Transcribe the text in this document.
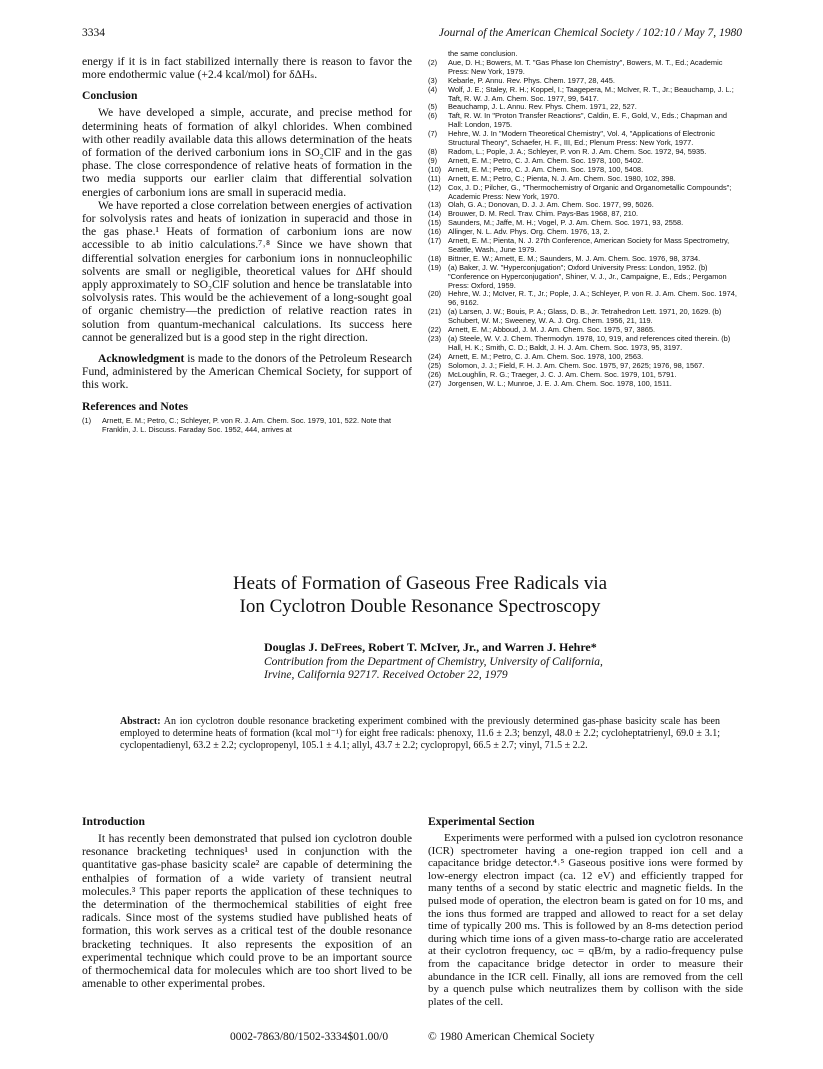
3334	Journal of the American Chemical Society / 102:10 / May 7, 1980

energy if it is in fact stabilized internally there is reason to favor the more endothermic value (+2.4 kcal/mol) for δΔHₛ.

Conclusion

We have developed a simple, accurate, and precise method for determining heats of formation of alkyl chlorides. When combined with other readily available data this allows determination of the heats of formation of the derived carbonium ions in SO₂ClF and in the gas phase. The close correspondence of relative heats of formation in the two media supports our earlier claim that differential solvation energies of carbonium ions are small in superacid media.

We have reported a close correlation between energies of activation for solvolysis rates and heats of ionization in superacid and those in the gas phase.¹ Heats of formation of carbonium ions are now accessible to ab initio calculations.⁷˒⁸ Since we have shown that differential solvation energies for carbonium ions in nonnucleophilic solvents are small or negligible, theoretical values for ΔHf should apply approximately to SO₂ClF solution and hence be translatable into solvolysis rates. This would be the achievement of a long-sought goal of organic chemistry—the prediction of relative reaction rates in solution from quantum-mechanical calculations. Its success here cannot be generalized but is a good step in the right direction.

Acknowledgment is made to the donors of the Petroleum Research Fund, administered by the American Chemical Society, for support of this work.

References and Notes
(1) Arnett, E. M.; Petro, C.; Schleyer, P. von R. J. Am. Chem. Soc. 1979, 101, 522. Note that Franklin, J. L. Discuss. Faraday Soc. 1952, 444, arrives at
the same conclusion.
(2) Aue, D. H.; Bowers, M. T. "Gas Phase Ion Chemistry", Bowers, M. T., Ed.; Academic Press: New York, 1979.
(3) Kebarle, P. Annu. Rev. Phys. Chem. 1977, 28, 445.
(4) Wolf, J. E.; Staley, R. H.; Koppel, I.; Taagepera, M.; McIver, R. T., Jr.; Beauchamp, J. L.; Taft, R. W. J. Am. Chem. Soc. 1977, 99, 5417.
(5) Beauchamp, J. L. Annu. Rev. Phys. Chem. 1971, 22, 527.
(6) Taft, R. W. In "Proton Transfer Reactions", Caldin, E. F., Gold, V., Eds.; Chapman and Hall: London, 1975.
(7) Hehre, W. J. In "Modern Theoretical Chemistry", Vol. 4, "Applications of Electronic Structural Theory", Schaefer, H. F., III, Ed.; Plenum Press: New York, 1977.
(8) Radom, L.; Pople, J. A.; Schleyer, P. von R. J. Am. Chem. Soc. 1972, 94, 5935.
(9) Arnett, E. M.; Petro, C. J. Am. Chem. Soc. 1978, 100, 5402.
(10) Arnett, E. M.; Petro, C. J. Am. Chem. Soc. 1978, 100, 5408.
(11) Arnett, E. M.; Petro, C.; Pienta, N. J. Am. Chem. Soc. 1980, 102, 398.
(12) Cox, J. D.; Pilcher, G., "Thermochemistry of Organic and Organometallic Compounds"; Academic Press: New York, 1970.
(13) Olah, G. A.; Donovan, D. J. J. Am. Chem. Soc. 1977, 99, 5026.
(14) Brouwer, D. M. Recl. Trav. Chim. Pays-Bas 1968, 87, 210.
(15) Saunders, M.; Jaffe, M. H.; Vogel, P. J. Am. Chem. Soc. 1971, 93, 2558.
(16) Allinger, N. L. Adv. Phys. Org. Chem. 1976, 13, 2.
(17) Arnett, E. M.; Pienta, N. J. 27th Conference, American Society for Mass Spectrometry, Seattle, Wash., June 1979.
(18) Bittner, E. W.; Arnett, E. M.; Saunders, M. J. Am. Chem. Soc. 1976, 98, 3734.
(19) (a) Baker, J. W. "Hyperconjugation"; Oxford University Press: London, 1952. (b) "Conference on Hyperconjugation", Shiner, V. J., Jr., Campaigne, E., Eds.; Pergamon Press: Oxford, 1959.
(20) Hehre, W. J.; McIver, R. T., Jr.; Pople, J. A.; Schleyer, P. von R. J. Am. Chem. Soc. 1974, 96, 9162.
(21) (a) Larsen, J. W.; Bouis, P. A.; Glass, D. B., Jr. Tetrahedron Lett. 1971, 20, 1629. (b) Schubert, W. M.; Sweeney, W. A. J. Org. Chem. 1956, 21, 119.
(22) Arnett, E. M.; Abboud, J. M. J. Am. Chem. Soc. 1975, 97, 3865.
(23) (a) Steele, W. V. J. Chem. Thermodyn. 1978, 10, 919, and references cited therein. (b) Hall, H. K.; Smith, C. D.; Baldt, J. H. J. Am. Chem. Soc. 1973, 95, 3197.
(24) Arnett, E. M.; Petro, C. J. Am. Chem. Soc. 1978, 100, 2563.
(25) Solomon, J. J.; Field, F. H. J. Am. Chem. Soc. 1975, 97, 2625; 1976, 98, 1567.
(26) McLoughlin, R. G.; Traeger, J. C. J. Am. Chem. Soc. 1979, 101, 5791.
(27) Jorgensen, W. L.; Munroe, J. E. J. Am. Chem. Soc. 1978, 100, 1511.

Heats of Formation of Gaseous Free Radicals via

Ion Cyclotron Double Resonance Spectroscopy

Douglas J. DeFrees, Robert T. McIver, Jr., and Warren J. Hehre*
Contribution from the Department of Chemistry, University of California,
Irvine, California 92717. Received October 22, 1979
Abstract: An ion cyclotron double resonance bracketing experiment combined with the previously determined gas-phase basicity scale has been employed to determine heats of formation (kcal mol⁻¹) for eight free radicals: phenoxy, 11.6 ± 2.3; benzyl, 48.0 ± 2.2; cycloheptatrienyl, 69.0 ± 3.1; cyclopentadienyl, 63.2 ± 2.2; cyclopropenyl, 105.1 ± 4.1; allyl, 43.7 ± 2.2; cyclopropyl, 66.5 ± 2.7; vinyl, 71.5 ± 2.2.
Introduction

It has recently been demonstrated that pulsed ion cyclotron double resonance bracketing techniques¹ used in conjunction with the quantitative gas-phase basicity scale² are capable of determining the enthalpies of formation of a wide variety of transient neutral molecules.³ This paper reports the application of these techniques to the determination of the thermochemical stabilities of eight free radicals. Since most of the systems studied have published heats of formation, this work serves as a critical test of the double resonance bracketing techniques. It also represents the exposition of an experimental technique which could prove to be an important source of thermochemical data for molecules which are too short lived to be amenable to other experimental probes.

Experimental Section

Experiments were performed with a pulsed ion cyclotron resonance (ICR) spectrometer having a one-region trapped ion cell and a capacitance bridge detector.⁴˒⁵ Gaseous positive ions were formed by low-energy electron impact (ca. 12 eV) and efficiently trapped for many tenths of a second by static electric and magnetic fields. In the pulsed mode of operation, the electron beam is gated on for 10 ms, and the ions thus formed are trapped and allowed to react for a set delay time of typically 200 ms. This is followed by an 8-ms detection period during which time ions of a given mass-to-charge ratio are accelerated at their cyclotron frequency, ωc = qB/m, by a radio-frequency pulse from the capacitance bridge detector in order to measure their abundance in the ICR cell. Finally, all ions are removed from the cell by a quench pulse which neutralizes them by collison with the side plates of the cell.

0002-7863/80/1502-3334$01.00/0	© 1980 American Chemical Society
